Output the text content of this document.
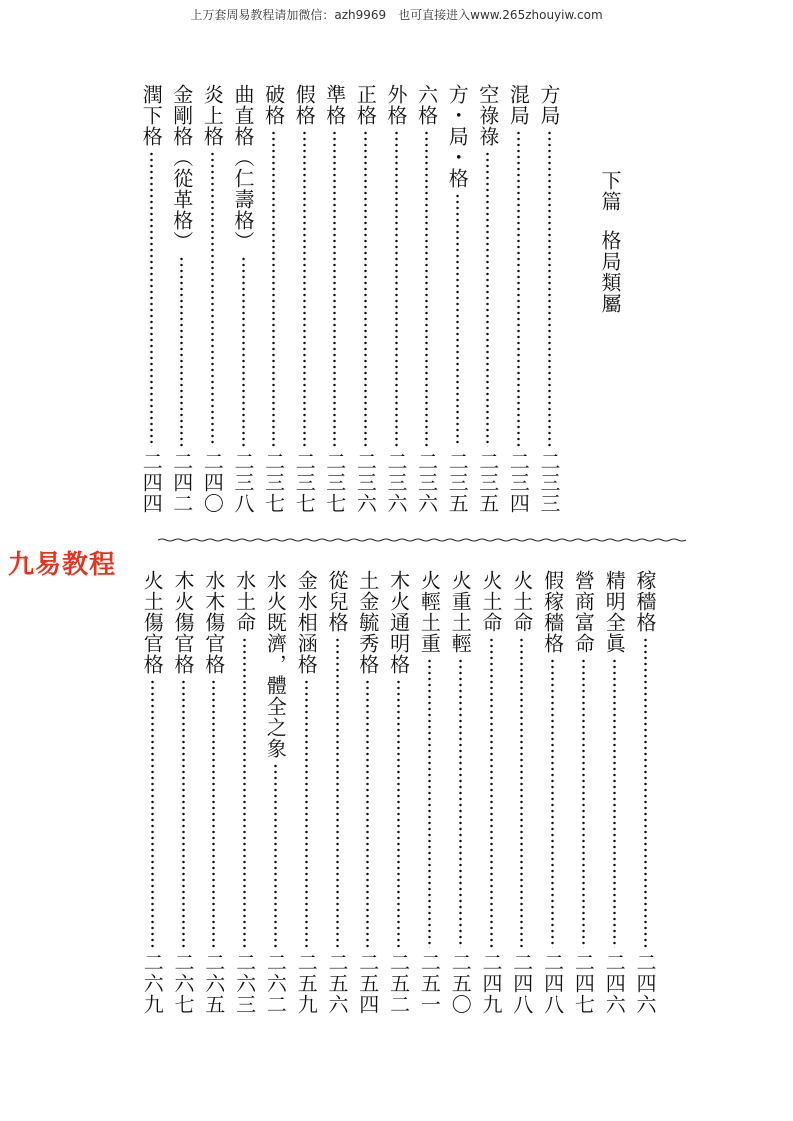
上万套周易教程请加微信：azh9969　也可直接进入www.265zhouyiw.com
下篇
格局類屬
方局
二三三
混局
二三四
空祿祿
二三五
方・局・格
二三五
六格
二三六
外格
二三六
正格
二三六
準格
二三七
假格
二三七
破格
二三七
曲直格（仁壽格）
二三八
炎上格
二四〇
金剛格（從革格）
二四二
潤下格
二四四
九易教程
稼穡格
二四六
精明全眞
二四六
營商富命
二四七
假稼穡格
二四八
火土命
二四八
火土命
二四九
火重土輕
二五〇
火輕土重
二五一
木火通明格
二五二
土金毓秀格
二五四
從兒格
二五六
金水相涵格
二五九
水火既濟，體全之象
二六二
水土命
二六三
水木傷官格
二六五
木火傷官格
二六七
火土傷官格
二六九
